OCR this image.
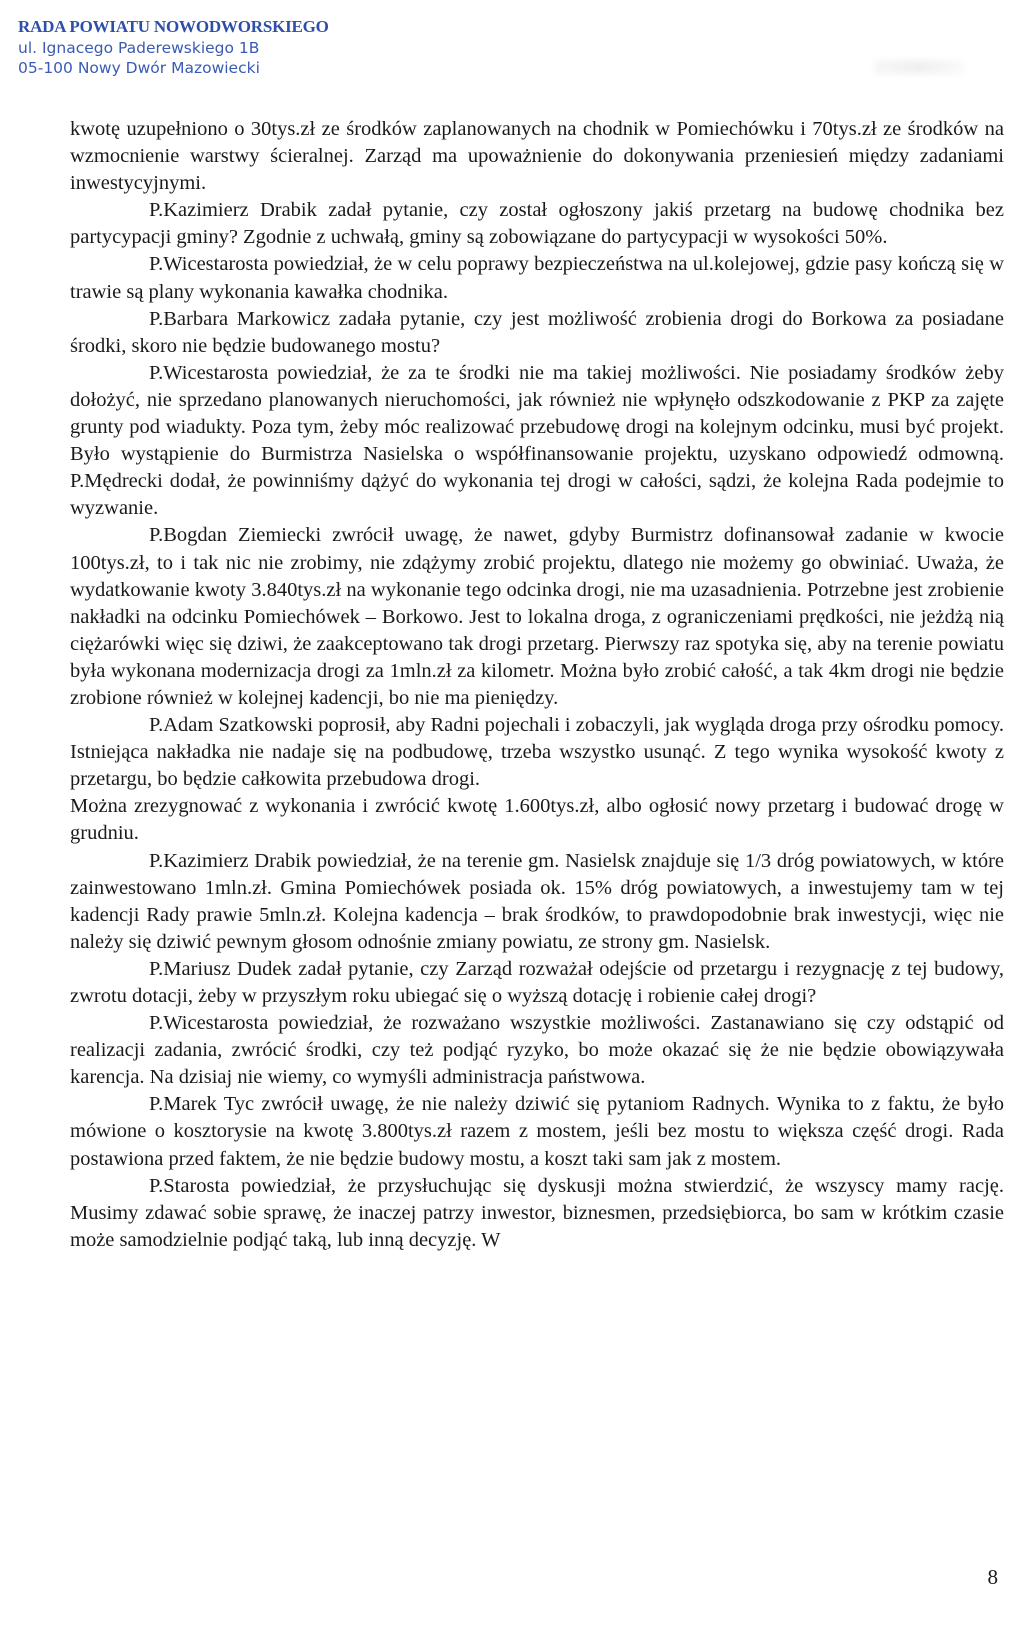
RADA POWIATU NOWODWORSKIEGO
ul. Ignacego Paderewskiego 1B
05-100 Nowy Dwór Mazowiecki

kwotę uzupełniono o 30tys.zł ze środków zaplanowanych na chodnik w Pomiechówku i 70tys.zł ze środków na wzmocnienie warstwy ścieralnej. Zarząd ma upoważnienie do dokonywania przeniesień między zadaniami inwestycyjnymi.

P.Kazimierz Drabik zadał pytanie, czy został ogłoszony jakiś przetarg na budowę chodnika bez partycypacji gminy? Zgodnie z uchwałą, gminy są zobowiązane do partycypacji w wysokości 50%.

P.Wicestarosta powiedział, że w celu poprawy bezpieczeństwa na ul.kolejowej, gdzie pasy kończą się w trawie są plany wykonania kawałka chodnika.

P.Barbara Markowicz zadała pytanie, czy jest możliwość zrobienia drogi do Borkowa za posiadane środki, skoro nie będzie budowanego mostu?

P.Wicestarosta powiedział, że za te środki nie ma takiej możliwości. Nie posiadamy środków żeby dołożyć, nie sprzedano planowanych nieruchomości, jak również nie wpłynęło odszkodowanie z PKP za zajęte grunty pod wiadukty. Poza tym, żeby móc realizować przebudowę drogi na kolejnym odcinku, musi być projekt. Było wystąpienie do Burmistrza Nasielska o współfinansowanie projektu, uzyskano odpowiedź odmowną. P.Mędrecki dodał, że powinniśmy dążyć do wykonania tej drogi w całości, sądzi, że kolejna Rada podejmie to wyzwanie.

P.Bogdan Ziemiecki zwrócił uwagę, że nawet, gdyby Burmistrz dofinansował zadanie w kwocie 100tys.zł, to i tak nic nie zrobimy, nie zdążymy zrobić projektu, dlatego nie możemy go obwiniać. Uważa, że wydatkowanie kwoty 3.840tys.zł na wykonanie tego odcinka drogi, nie ma uzasadnienia. Potrzebne jest zrobienie nakładki na odcinku Pomiechówek – Borkowo. Jest to lokalna droga, z ograniczeniami prędkości, nie jeżdżą nią ciężarówki więc się dziwi, że zaakceptowano tak drogi przetarg. Pierwszy raz spotyka się, aby na terenie powiatu była wykonana modernizacja drogi za 1mln.zł za kilometr. Można było zrobić całość, a tak 4km drogi nie będzie zrobione również w kolejnej kadencji, bo nie ma pieniędzy.

P.Adam Szatkowski poprosił, aby Radni pojechali i zobaczyli, jak wygląda droga przy ośrodku pomocy. Istniejąca nakładka nie nadaje się na podbudowę, trzeba wszystko usunąć. Z tego wynika wysokość kwoty z przetargu, bo będzie całkowita przebudowa drogi.

Można zrezygnować z wykonania i zwrócić kwotę 1.600tys.zł, albo ogłosić nowy przetarg i budować drogę w grudniu.

P.Kazimierz Drabik powiedział, że na terenie gm. Nasielsk znajduje się 1/3 dróg powiatowych, w które zainwestowano 1mln.zł. Gmina Pomiechówek posiada ok. 15% dróg powiatowych, a inwestujemy tam w tej kadencji Rady prawie 5mln.zł. Kolejna kadencja – brak środków, to prawdopodobnie brak inwestycji, więc nie należy się dziwić pewnym głosom odnośnie zmiany powiatu, ze strony gm. Nasielsk.

P.Mariusz Dudek zadał pytanie, czy Zarząd rozważał odejście od przetargu i rezygnację z tej budowy, zwrotu dotacji, żeby w przyszłym roku ubiegać się o wyższą dotację i robienie całej drogi?

P.Wicestarosta powiedział, że rozważano wszystkie możliwości. Zastanawiano się czy odstąpić od realizacji zadania, zwrócić środki, czy też podjąć ryzyko, bo może okazać się że nie będzie obowiązywała karencja. Na dzisiaj nie wiemy, co wymyśli administracja państwowa.

P.Marek Tyc zwrócił uwagę, że nie należy dziwić się pytaniom Radnych. Wynika to z faktu, że było mówione o kosztorysie na kwotę 3.800tys.zł razem z mostem, jeśli bez mostu to większa część drogi. Rada postawiona przed faktem, że nie będzie budowy mostu, a koszt taki sam jak z mostem.

P.Starosta powiedział, że przysłuchując się dyskusji można stwierdzić, że wszyscy mamy rację. Musimy zdawać sobie sprawę, że inaczej patrzy inwestor, biznesmen, przedsiębiorca, bo sam w krótkim czasie może samodzielnie podjąć taką, lub inną decyzję. W

8
